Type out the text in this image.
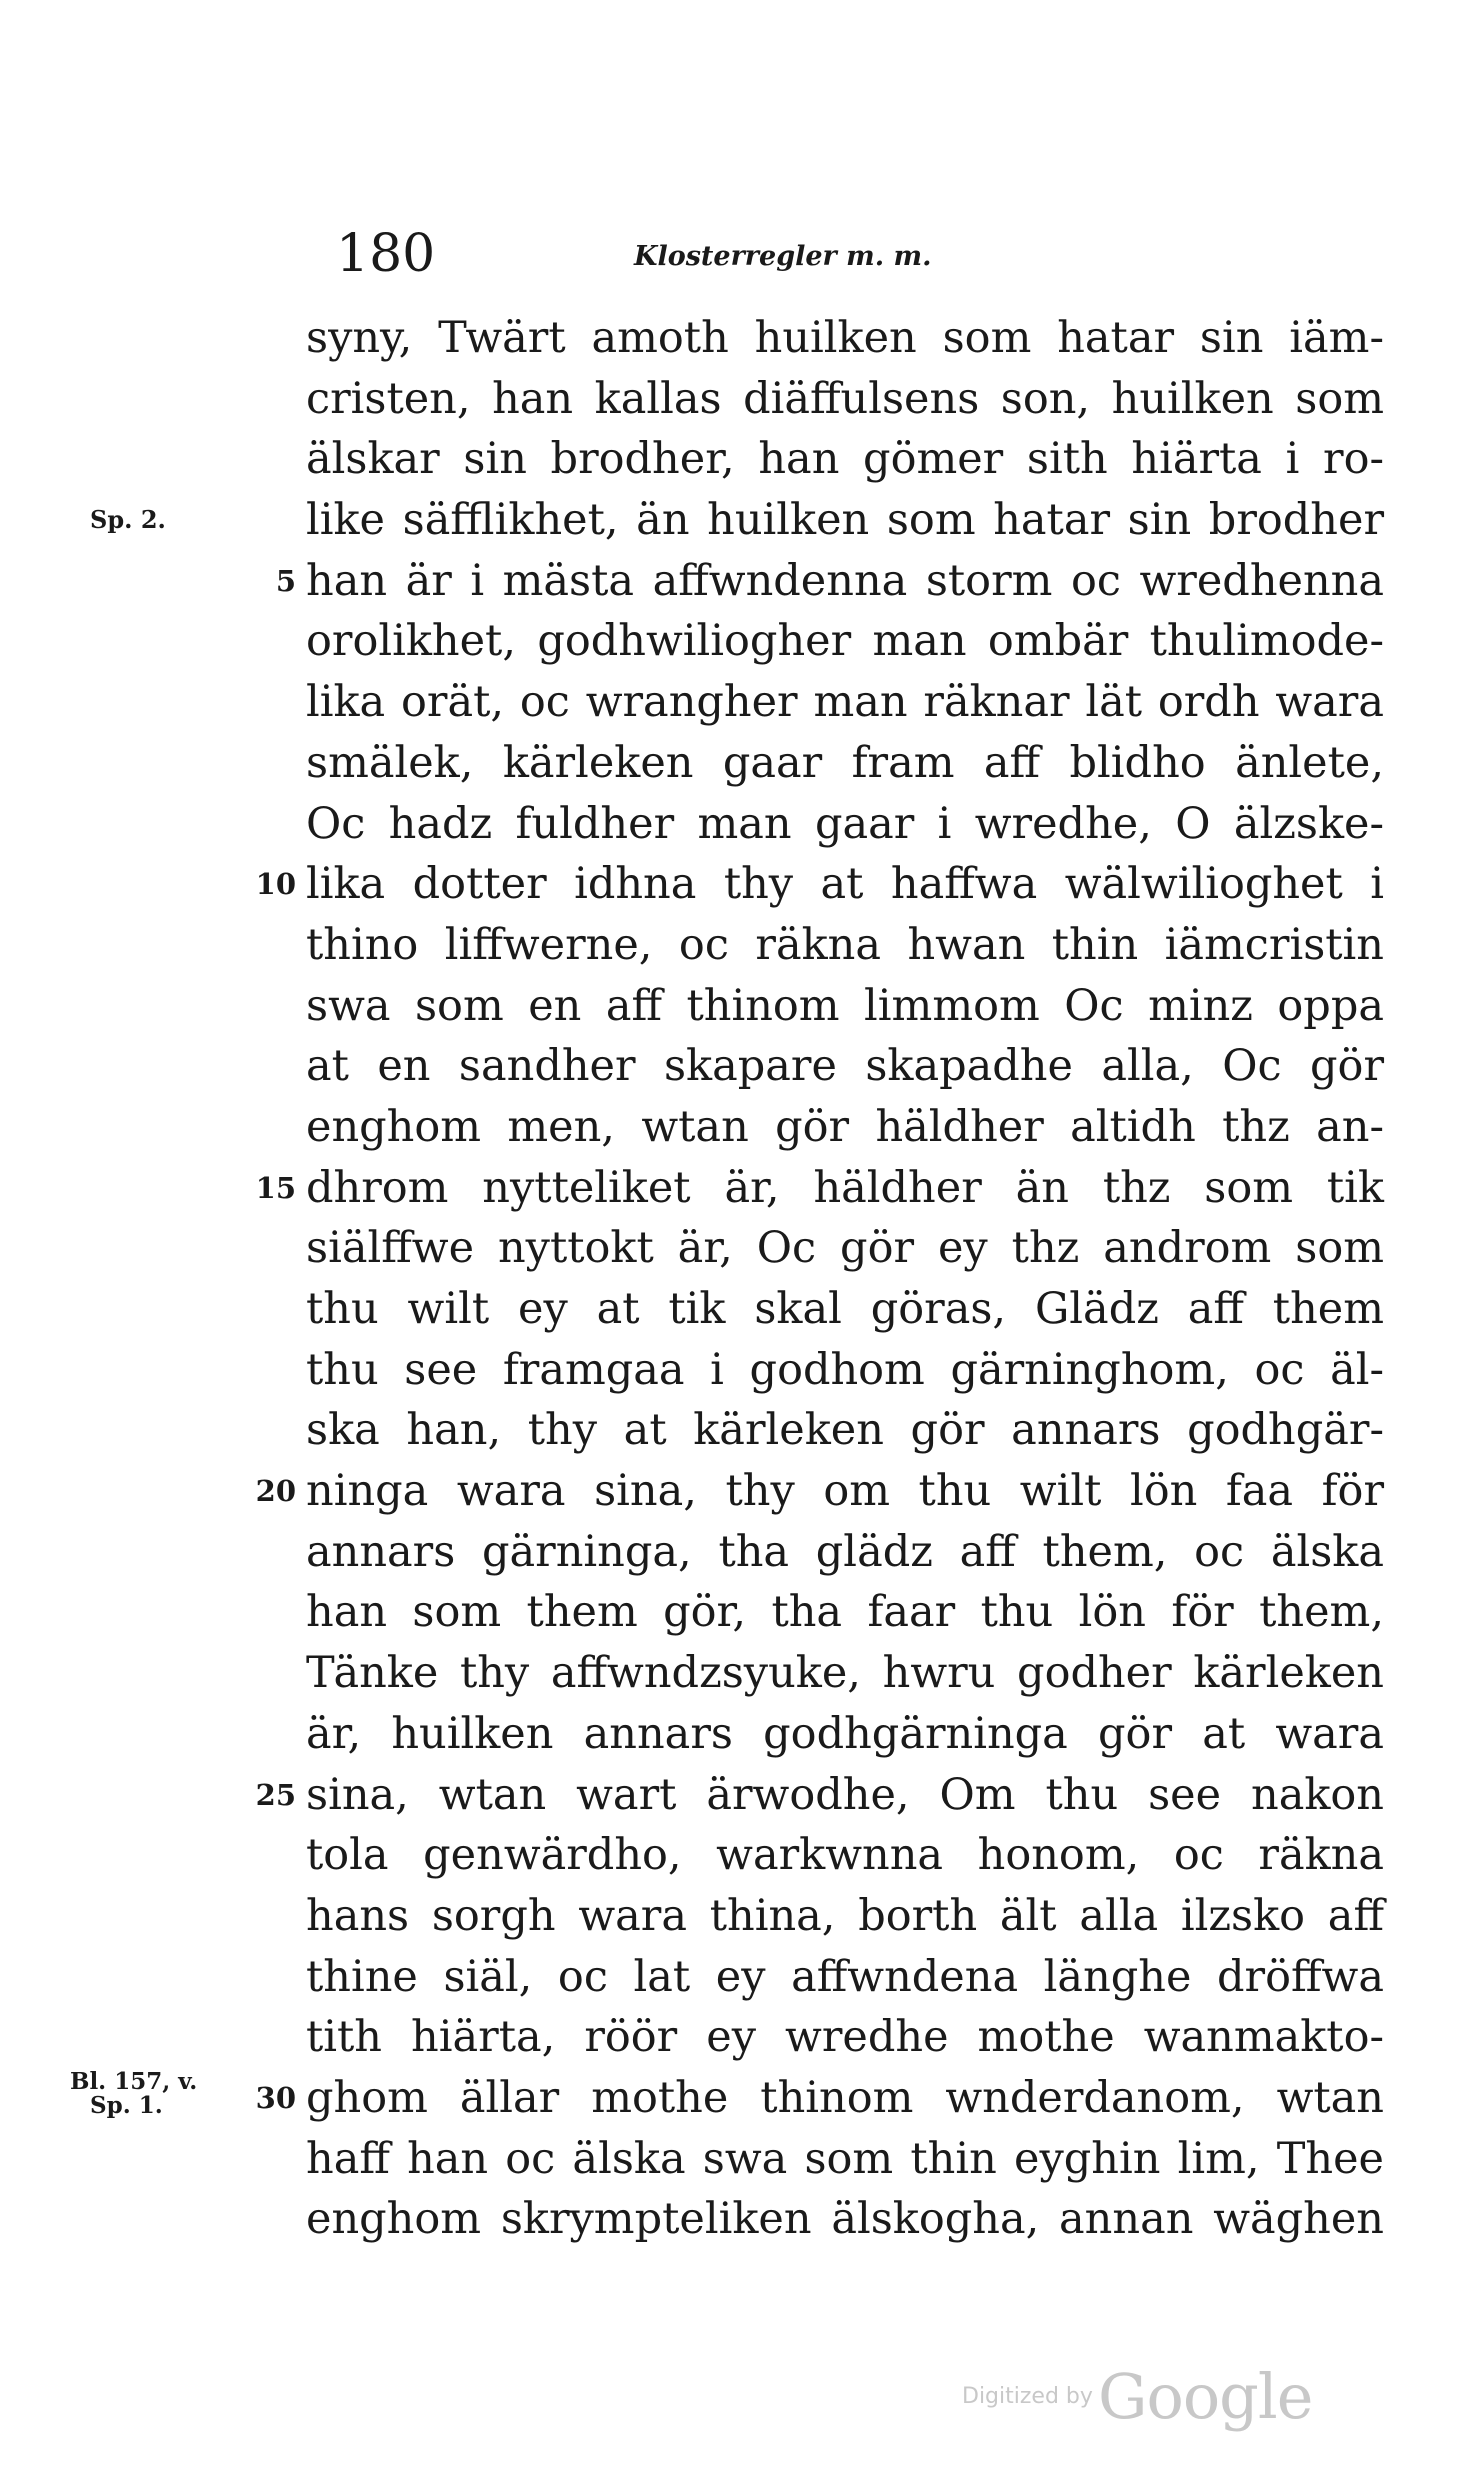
180	Klosterregler m. m.
syny, Twärt amoth huilken som hatar sin iäm-
cristen, han kallas diäffulsens son, huilken som
älskar sin brodher, han gömer sith hiärta i ro-
Sp. 2.	like säfflikhet, än huilken som hatar sin brodher
5 han är i mästa affwndenna storm oc wredhenna
orolikhet, godhwiliogher man ombär thulimode-
lika orät, oc wrangher man räknar lät ordh wara
smälek, kärleken gaar fram aff blidho änlete,
Oc hadz fuldher man gaar i wredhe, O älzske-
10 lika dotter idhna thy at haffwa wälwilioghet i
thino liffwerne, oc räkna hwan thin iämcristin
swa som en aff thinom limmom Oc minz oppa
at en sandher skapare skapadhe alla, Oc gör
enghom men, wtan gör häldher altidh thz an-
15 dhrom nytteliket är, häldher än thz som tik
siälffwe nyttokt är, Oc gör ey thz androm som
thu wilt ey at tik skal göras, Glädz aff them
thu see framgaa i godhom gärninghom, oc äl-
ska han, thy at kärleken gör annars godhgär-
20 ninga wara sina, thy om thu wilt lön faa för
annars gärninga, tha glädz aff them, oc älska
han som them gör, tha faar thu lön för them,
Tänke thy affwndzsyuke, hwru godher kärleken
är, huilken annars godhgärninga gör at wara
25 sina, wtan wart ärwodhe, Om thu see nakon
tola genwärdho, warkwnna honom, oc räkna
hans sorgh wara thina, borth ält alla ilzsko aff
thine siäl, oc lat ey affwndena länghe dröffwa
tith hiärta, röör ey wredhe mothe wanmakto-
30
Bl. 157, v.
Sp. 1.	ghom ällar mothe thinom wnderdanom, wtan
haff han oc älska swa som thin eyghin lim, Thee
enghom skrympteliken älskogha, annan wäghen
Digitized by Google
